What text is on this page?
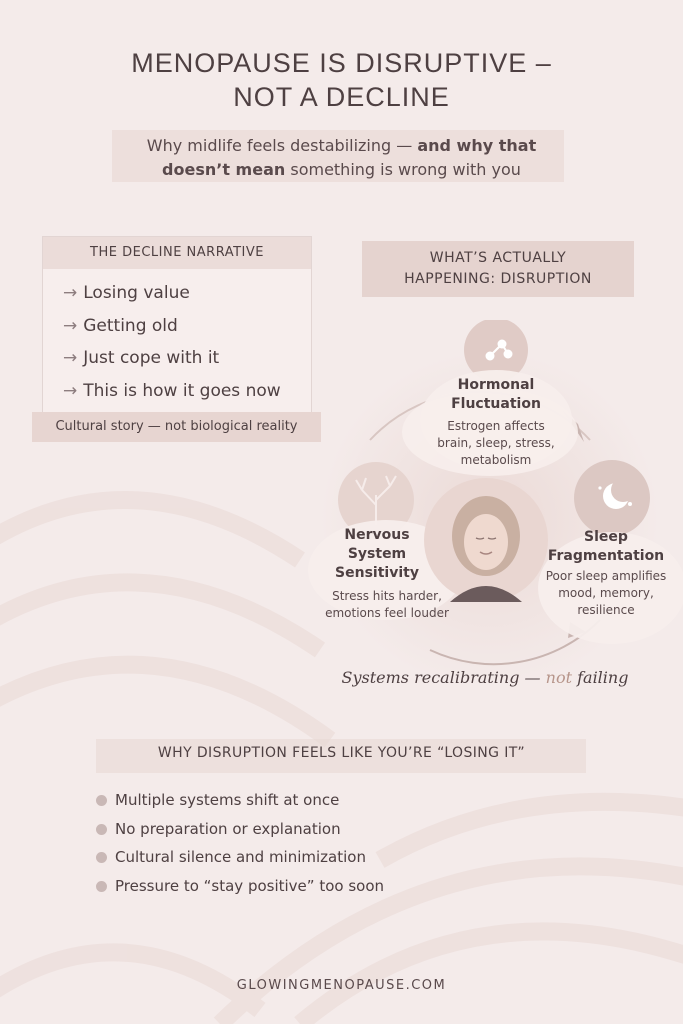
MENOPAUSE IS DISRUPTIVE –
NOT A DECLINE
Why midlife feels destabilizing — and why that
doesn’t mean something is wrong with you
THE DECLINE NARRATIVE
→ Losing value
→ Getting old
→ Just cope with it
→ This is how it goes now
Cultural story — not biological reality
WHAT’S ACTUALLY
HAPPENING: DISRUPTION
Hormonal
Fluctuation
Estrogen affects
brain, sleep, stress,
metabolism
Nervous
System
Sensitivity
Stress hits harder,
emotions feel louder
Sleep
Fragmentation
Poor sleep amplifies
mood, memory,
resilience
Systems recalibrating — not failing
WHY DISRUPTION FEELS LIKE YOU’RE “LOSING IT”
Multiple systems shift at once
No preparation or explanation
Cultural silence and minimization
Pressure to “stay positive” too soon
GLOWINGMENOPAUSE.COM
